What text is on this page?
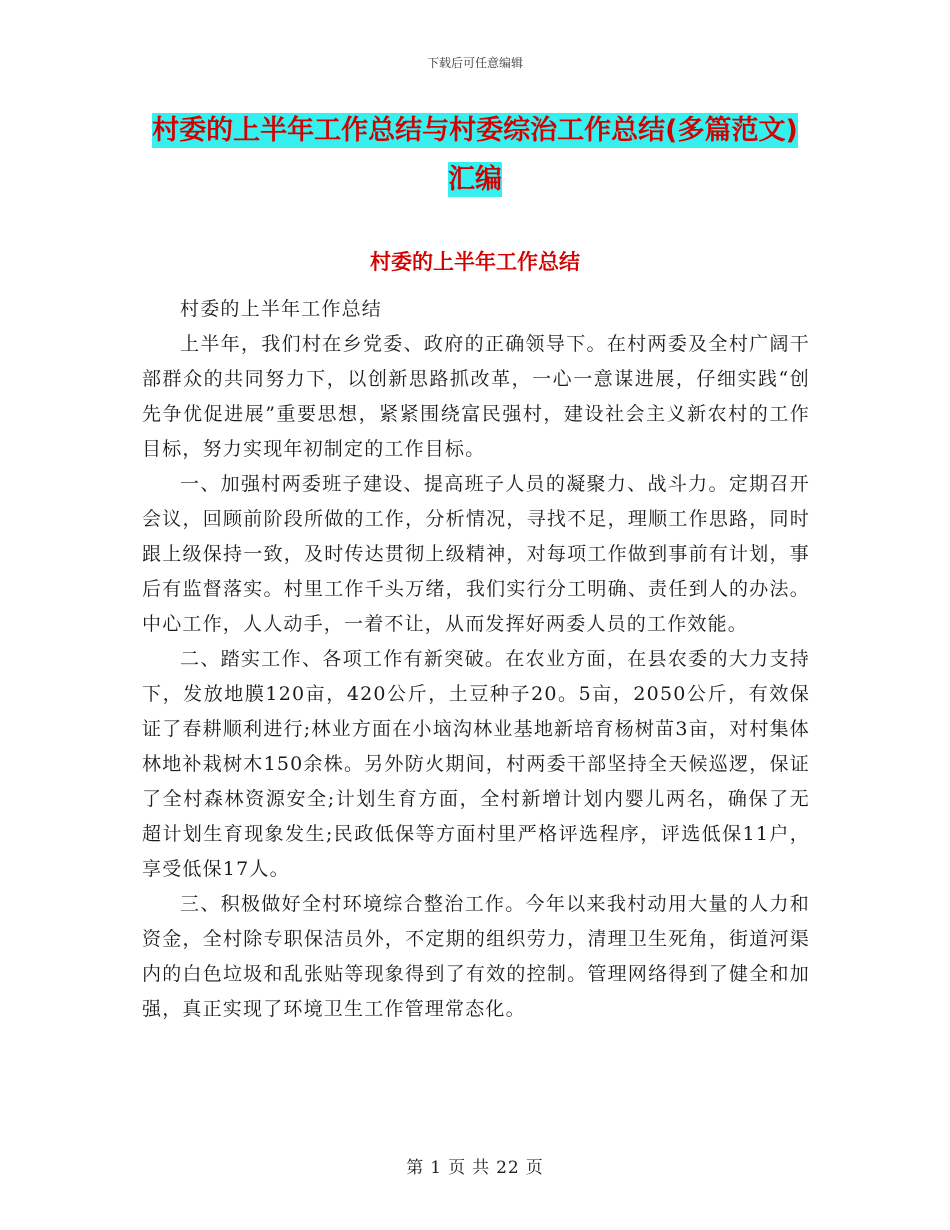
下载后可任意编辑
村委的上半年工作总结与村委综治工作总结(多篇范文)汇编
村委的上半年工作总结

村委的上半年工作总结

上半年，我们村在乡党委、政府的正确领导下。在村两委及全村广阔干部群众的共同努力下，以创新思路抓改革，一心一意谋进展，仔细实践“创先争优促进展”重要思想，紧紧围绕富民强村，建设社会主义新农村的工作目标，努力实现年初制定的工作目标。

一、加强村两委班子建设、提高班子人员的凝聚力、战斗力。定期召开会议，回顾前阶段所做的工作，分析情况，寻找不足，理顺工作思路，同时跟上级保持一致，及时传达贯彻上级精神，对每项工作做到事前有计划，事后有监督落实。村里工作千头万绪，我们实行分工明确、责任到人的办法。中心工作，人人动手，一着不让，从而发挥好两委人员的工作效能。

二、踏实工作、各项工作有新突破。在农业方面，在县农委的大力支持下，发放地膜120亩，420公斤，土豆种子20。5亩，2050公斤，有效保证了春耕顺利进行;林业方面在小垴沟林业基地新培育杨树苗3亩，对村集体林地补栽树木150余株。另外防火期间，村两委干部坚持全天候巡逻，保证了全村森林资源安全;计划生育方面，全村新增计划内婴儿两名，确保了无超计划生育现象发生;民政低保等方面村里严格评选程序，评选低保11户，享受低保17人。

三、积极做好全村环境综合整治工作。今年以来我村动用大量的人力和资金，全村除专职保洁员外，不定期的组织劳力，清理卫生死角，街道河渠内的白色垃圾和乱张贴等现象得到了有效的控制。管理网络得到了健全和加强，真正实现了环境卫生工作管理常态化。

第 1 页 共 22 页
